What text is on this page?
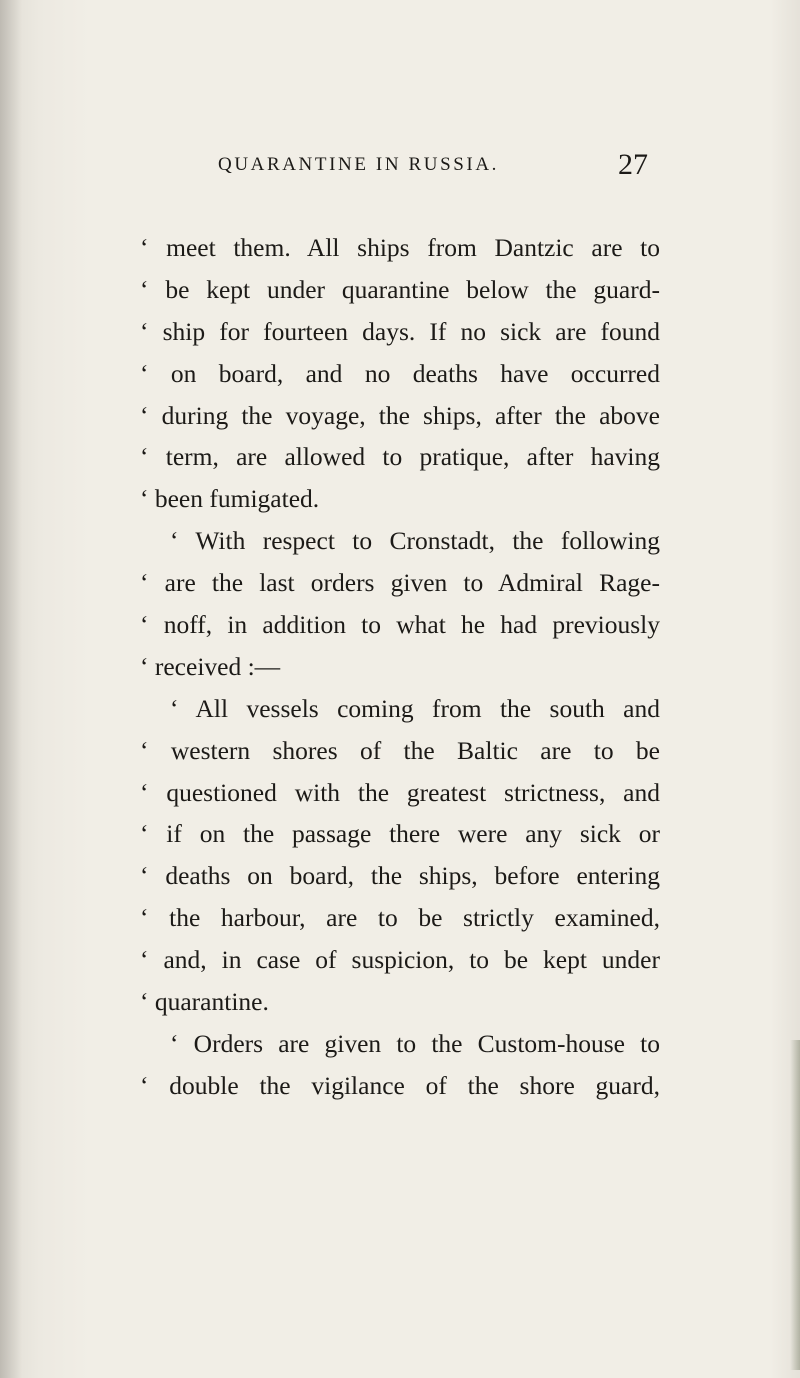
QUARANTINE IN RUSSIA.	27
‘ meet them. All ships from Dantzic are to
‘ be kept under quarantine below the guard-
‘ ship for fourteen days. If no sick are found
‘ on board, and no deaths have occurred
‘ during the voyage, the ships, after the above
‘ term, are allowed to pratique, after having
‘ been fumigated.
‘ With respect to Cronstadt, the following
‘ are the last orders given to Admiral Rage-
‘ noff, in addition to what he had previously
‘ received :—
‘ All vessels coming from the south and
‘ western shores of the Baltic are to be
‘ questioned with the greatest strictness, and
‘ if on the passage there were any sick or
‘ deaths on board, the ships, before entering
‘ the harbour, are to be strictly examined,
‘ and, in case of suspicion, to be kept under
‘ quarantine.
‘ Orders are given to the Custom-house to
‘ double the vigilance of the shore guard,
